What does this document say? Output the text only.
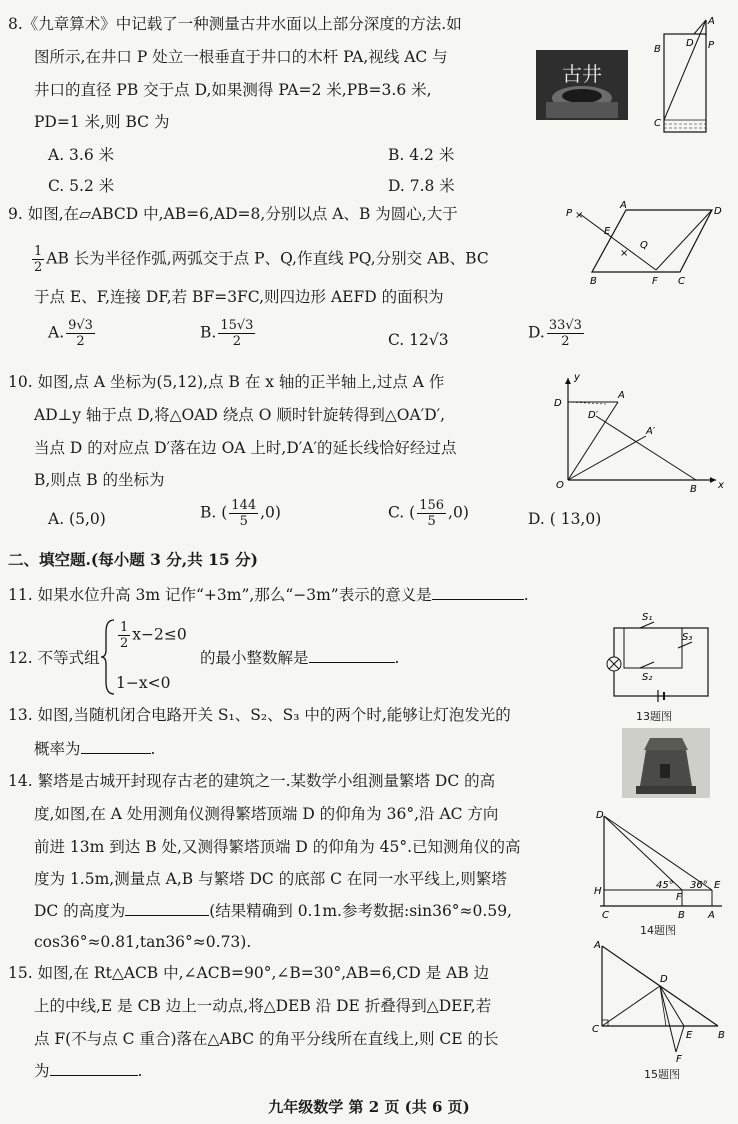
8.《九章算术》中记载了一种测量古井水面以上部分深度的方法.如
图所示,在井口 P 处立一根垂直于井口的木杆 PA,视线 AC 与
井口的直径 PB 交于点 D,如果测得 PA=2 米,PB=3.6 米,
PD=1 米,则 BC 为
A. 3.6 米	B. 4.2 米
C. 5.2 米	D. 7.8 米
古井
A
B
D P
C
9. 如图,在▱ABCD 中,AB=6,AD=8,分别以点 A、B 为圆心,大于
$\frac{1}{2}$ AB 长为半径作弧,两弧交于点 P、Q,作直线 PQ,分别交 AB、BC
于点 E、F,连接 DF,若 BF=3FC,则四边形 AEFD 的面积为
A. $\frac{9√3}{2}$	B. $\frac{15√3}{2}$	C. 12√3	D. $\frac{33√3}{2}$
×
×
P
A
D
E
Q
B	F C
10. 如图,点 A 坐标为(5,12),点 B 在 x 轴的正半轴上,过点 A 作
AD⊥y 轴于点 D,将△OAD 绕点 O 顺时针旋转得到△OA′D′,
当点 D 的对应点 D′落在边 OA 上时,D′A′的延长线恰好经过点
B,则点 B 的坐标为
A. (5,0)	B. ( $\frac{144}{5} ,0$)	C. ( $\frac{156}{5} ,0$)	D. ( 13,0)
y
D
D′
A
A′
O	B x
二、填空题.(每小题 3 分,共 15 分)
11. 如果水位升高 3m 记作“+3m”,那么“−3m”表示的意义是	.
12. 不等式组
$\frac{1}{2} x-2\le 0$
1−x<0
的最小整数解是	.
S₁
S₃
S₂
13题图
13. 如图,当随机闭合电路开关 S₁、S₂、S₃ 中的两个时,能够让灯泡发光的
概率为	.
14. 繁塔是古城开封现存古老的建筑之一.某数学小组测量繁塔 DC 的高
度,如图,在 A 处用测角仪测得繁塔顶端 D 的仰角为 36°,沿 AC 方向
前进 13m 到达 B 处,又测得繁塔顶端 D 的仰角为 45°.已知测角仪的高
度为 1.5m,测量点 A,B 与繁塔 DC 的底部 C 在同一水平线上,则繁塔
DC 的高度为	(结果精确到 0.1m.参考数据:sin36°≈0.59,
cos36°≈0.81,tan36°≈0.73).
D
H
45° 36°
F
E
C	B A
14题图
15. 如图,在 Rt△ACB 中,∠ACB=90°,∠B=30°,AB=6,CD 是 AB 边
上的中线,E 是 CB 边上一动点,将△DEB 沿 DE 折叠得到△DEF,若
点 F(不与点 C 重合)落在△ABC 的角平分线所在直线上,则 CE 的长
为	.
A
D
C
E	B
F
15题图
九年级数学 第 2 页 (共 6 页)
